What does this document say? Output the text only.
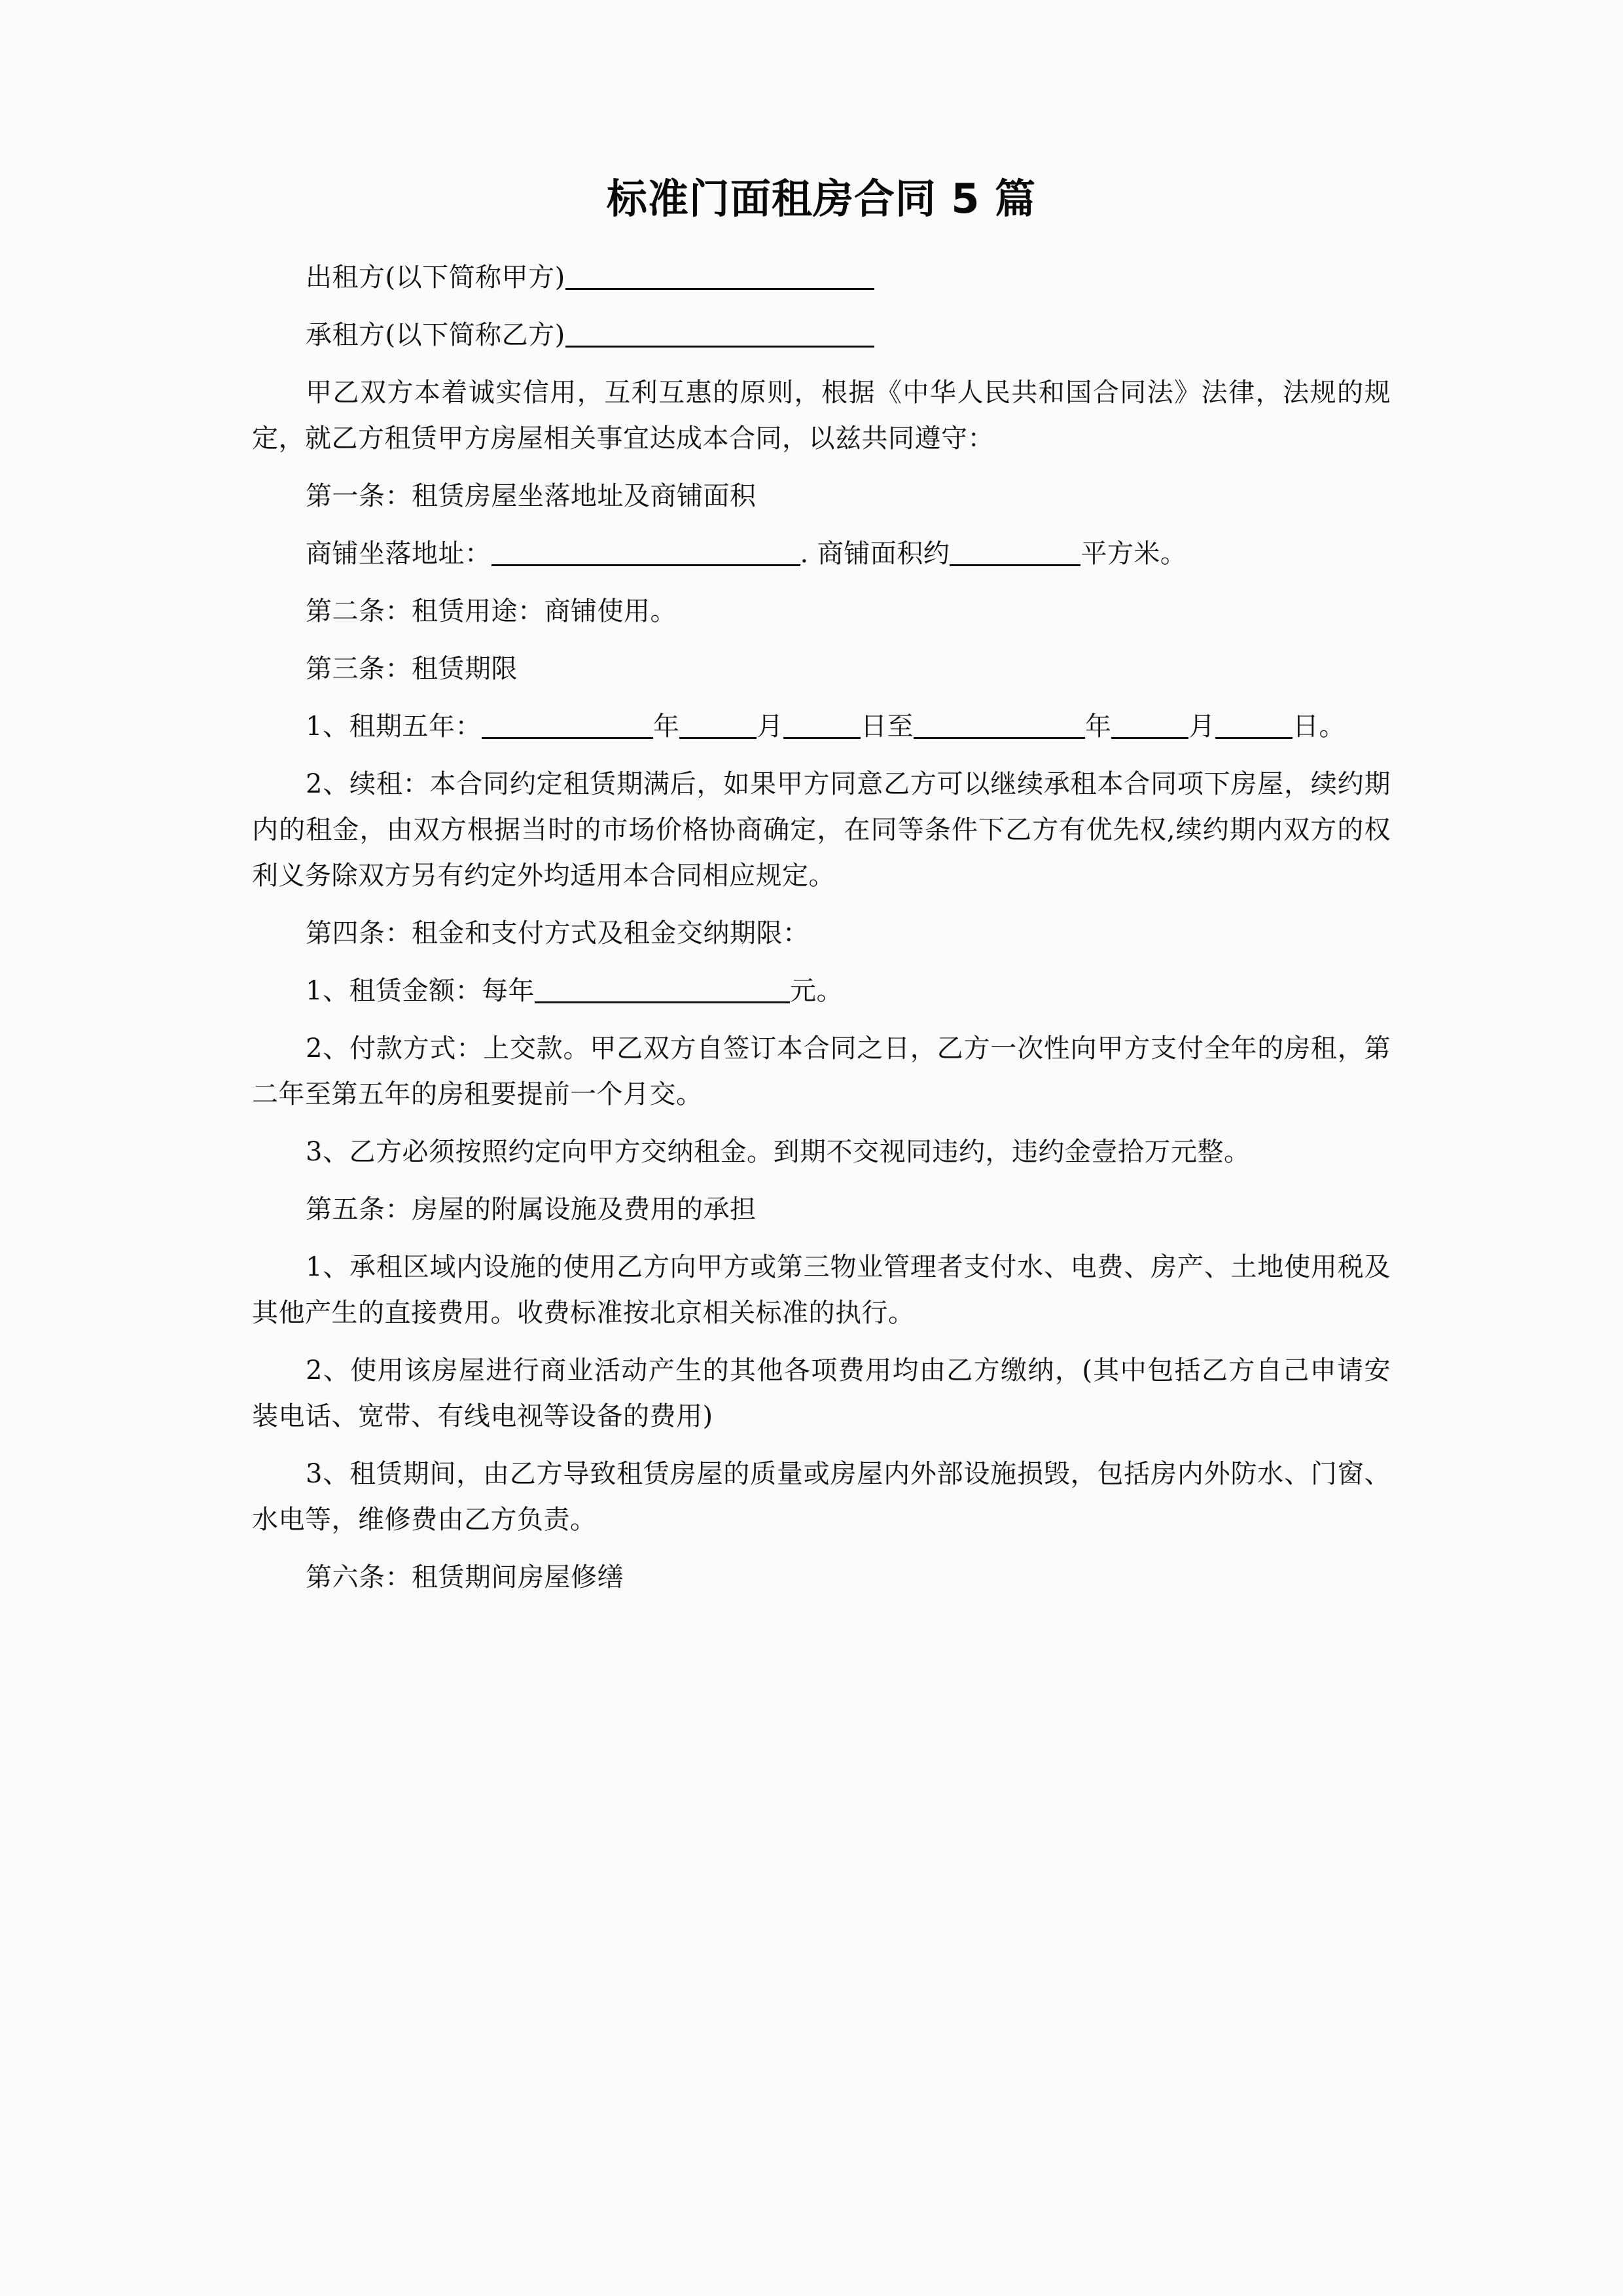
标准门面租房合同 5 篇

出租方(以下简称甲方)

承租方(以下简称乙方)

甲乙双方本着诚实信用，互利互惠的原则，根据《中华人民共和国合同法》法律，法规的规定，就乙方租赁甲方房屋相关事宜达成本合同，以兹共同遵守：

第一条：租赁房屋坐落地址及商铺面积

商铺坐落地址：	. 商铺面积约	平方米。

第二条：租赁用途：商铺使用。

第三条：租赁期限

1、租期五年：	年	月	日至	年	月	日。

2、续租：本合同约定租赁期满后，如果甲方同意乙方可以继续承租本合同项下房屋，续约期内的租金，由双方根据当时的市场价格协商确定，在同等条件下乙方有优先权,续约期内双方的权利义务除双方另有约定外均适用本合同相应规定。

第四条：租金和支付方式及租金交纳期限：

1、租赁金额：每年	元。

2、付款方式：上交款。甲乙双方自签订本合同之日，乙方一次性向甲方支付全年的房租，第二年至第五年的房租要提前一个月交。

3、乙方必须按照约定向甲方交纳租金。到期不交视同违约，违约金壹拾万元整。

第五条：房屋的附属设施及费用的承担

1、承租区域内设施的使用乙方向甲方或第三物业管理者支付水、电费、房产、土地使用税及其他产生的直接费用。收费标准按北京相关标准的执行。

2、使用该房屋进行商业活动产生的其他各项费用均由乙方缴纳，(其中包括乙方自己申请安装电话、宽带、有线电视等设备的费用)

3、租赁期间，由乙方导致租赁房屋的质量或房屋内外部设施损毁，包括房内外防水、门窗、水电等，维修费由乙方负责。

第六条：租赁期间房屋修缮
